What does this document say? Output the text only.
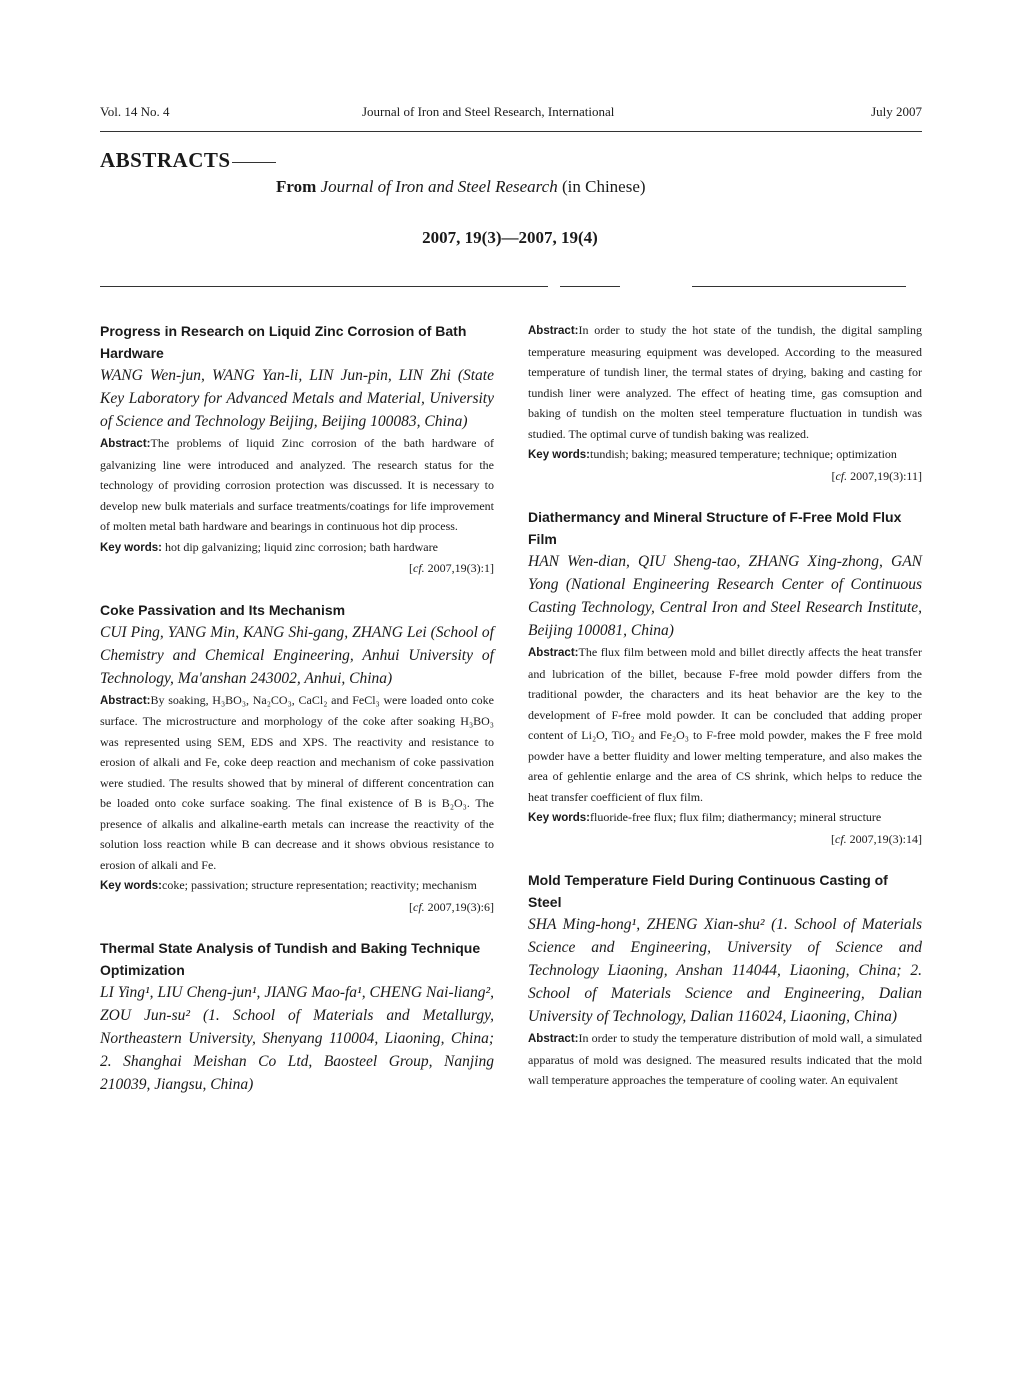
Vol. 14 No. 4	Journal of Iron and Steel Research, International	July 2007
ABSTRACTS
From Journal of Iron and Steel Research (in Chinese)
2007, 19(3)—2007, 19(4)

Progress in Research on Liquid Zinc Corrosion of Bath Hardware

WANG Wen-jun, WANG Yan-li, LIN Jun-pin, LIN Zhi (State Key Laboratory for Advanced Metals and Material, University of Science and Technology Beijing, Beijing 100083, China)

Abstract:The problems of liquid Zinc corrosion of the bath hardware of galvanizing line were introduced and analyzed. The research status for the technology of providing corrosion protection was discussed. It is necessary to develop new bulk materials and surface treatments/coatings for life improvement of molten metal bath hardware and bearings in continuous hot dip process.

Key words: hot dip galvanizing; liquid zinc corrosion; bath hardware

[cf. 2007,19(3):1]

Coke Passivation and Its Mechanism

CUI Ping, YANG Min, KANG Shi-gang, ZHANG Lei (School of Chemistry and Chemical Engineering, Anhui University of Technology, Ma'anshan 243002, Anhui, China)

Abstract:By soaking, H₃BO₃, Na₂CO₃, CaCl₂ and FeCl₃ were loaded onto coke surface. The microstructure and morphology of the coke after soaking H₃BO₃ was represented using SEM, EDS and XPS. The reactivity and resistance to erosion of alkali and Fe, coke deep reaction and mechanism of coke passivation were studied. The results showed that by mineral of different concentration can be loaded onto coke surface soaking. The final existence of B is B₂O₃. The presence of alkalis and alkaline-earth metals can increase the reactivity of the solution loss reaction while B can decrease and it shows obvious resistance to erosion of alkali and Fe.

Key words:coke; passivation; structure representation; reactivity; mechanism

[cf. 2007,19(3):6]

Thermal State Analysis of Tundish and Baking Technique Optimization

LI Ying¹, LIU Cheng-jun¹, JIANG Mao-fa¹, CHENG Nai-liang², ZOU Jun-su² (1. School of Materials and Metallurgy, Northeastern University, Shenyang 110004, Liaoning, China; 2. Shanghai Meishan Co Ltd, Baosteel Group, Nanjing 210039, Jiangsu, China)

Abstract:In order to study the hot state of the tundish, the digital sampling temperature measuring equipment was developed. According to the measured temperature of tundish liner, the termal states of drying, baking and casting for tundish liner were analyzed. The effect of heating time, gas comsuption and baking of tundish on the molten steel temperature fluctuation in tundish was studied. The optimal curve of tundish baking was realized.

Key words:tundish; baking; measured temperature; technique; optimization

[cf. 2007,19(3):11]

Diathermancy and Mineral Structure of F-Free Mold Flux Film

HAN Wen-dian, QIU Sheng-tao, ZHANG Xing-zhong, GAN Yong (National Engineering Research Center of Continuous Casting Technology, Central Iron and Steel Research Institute, Beijing 100081, China)

Abstract:The flux film between mold and billet directly affects the heat transfer and lubrication of the billet, because F-free mold powder differs from the traditional powder, the characters and its heat behavior are the key to the development of F-free mold powder. It can be concluded that adding proper content of Li₂O, TiO₂ and Fe₂O₃ to F-free mold powder, makes the F free mold powder have a better fluidity and lower melting temperature, and also makes the area of gehlentie enlarge and the area of CS shrink, which helps to reduce the heat transfer coefficient of flux film.

Key words:fluoride-free flux; flux film; diathermancy; mineral structure

[cf. 2007,19(3):14]

Mold Temperature Field During Continuous Casting of Steel

SHA Ming-hong¹, ZHENG Xian-shu² (1. School of Materials Science and Engineering, University of Science and Technology Liaoning, Anshan 114044, Liaoning, China; 2. School of Materials Science and Engineering, Dalian University of Technology, Dalian 116024, Liaoning, China)

Abstract:In order to study the temperature distribution of mold wall, a simulated apparatus of mold was designed. The measured results indicated that the mold wall temperature approaches the temperature of cooling water. An equivalent
